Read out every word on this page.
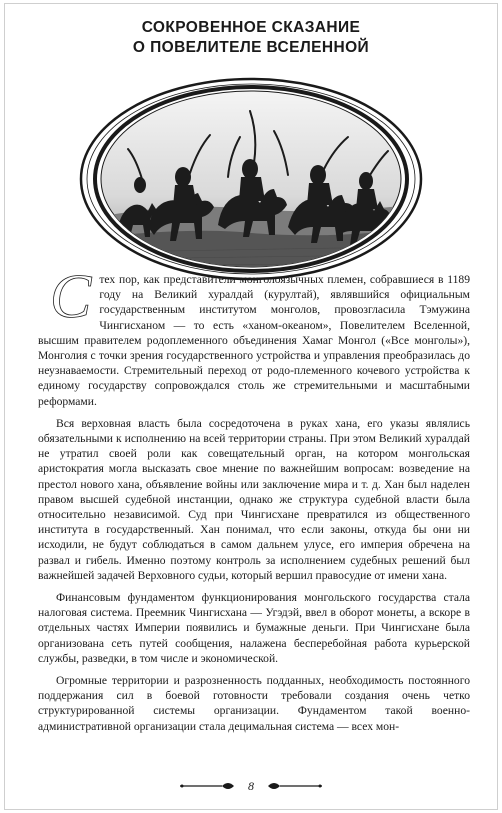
СОКРОВЕННОЕ СКАЗАНИЕ
О ПОВЕЛИТЕЛЕ ВСЕЛЕННОЙ

Стех пор, как представители монголоязычных племен, собравшиеся в 1189 году на Великий хуралдай (курултай), являвшийся официальным государственным институтом монголов, провозгласила Тэмужина Чингисханом — то есть «ханом-океаном», Повелителем Вселенной, высшим правителем родоплеменного объединения Хамаг Монгол («Все монголы»), Монголия с точки зрения государственного устройства и управления преобразилась до неузнаваемости. Стремительный переход от родо-племенного кочевого устройства к единому государству сопровождался столь же стремительными и масштабными реформами.

Вся верховная власть была сосредоточена в руках хана, его указы являлись обязательными к исполнению на всей территории страны. При этом Великий хуралдай не утратил своей роли как совещательный орган, на котором монгольская аристократия могла высказать свое мнение по важнейшим вопросам: возведение на престол нового хана, объявление войны или заключение мира и т. д. Хан был наделен правом высшей судебной инстанции, однако же структура судебной власти была относительно независимой. Суд при Чингисхане превратился из общественного института в государственный. Хан понимал, что если законы, откуда бы они ни исходили, не будут соблюдаться в самом дальнем улусе, его империя обречена на развал и гибель. Именно поэтому контроль за исполнением судебных решений был важнейшей задачей Верховного судьи, который вершил правосудие от имени хана.

Финансовым фундаментом функционирования монгольского государства стала налоговая система. Преемник Чингисхана — Угэдэй, ввел в оборот монеты, а вскоре в отдельных частях Империи появились и бумажные деньги. При Чингисхане была организована сеть путей сообщения, налажена бесперебойная работа курьерской службы, разведки, в том числе и экономической.

Огромные территории и разрозненность подданных, необходимость постоянного поддержания сил в боевой готовности требовали создания очень четко структурированной системы организации. Фундаментом такой военно-административной организации стала децимальная система — всех мон-

8
